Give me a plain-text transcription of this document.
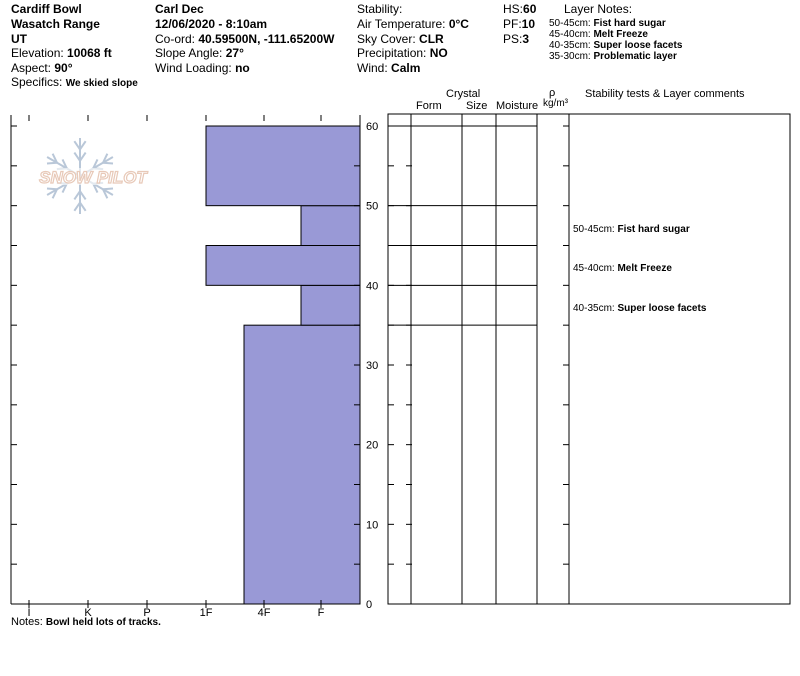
Cardiff Bowl
Wasatch Range
UT
Elevation: 10068 ft
Aspect: 90°
Specifics: We skied slope
Carl Dec
12/06/2020 - 8:10am
Co-ord: 40.59500N, -111.65200W
Slope Angle: 27°
Wind Loading: no
Stability:
Air Temperature: 0°C
Sky Cover: CLR
Precipitation: NO
Wind: Calm
HS:60
PF:10
PS:3
Layer Notes:
50-45cm: Fist hard sugar
45-40cm: Melt Freeze
40-35cm: Super loose facets
35-30cm: Problematic layer
Crystal
Form Size Moisture
ρ
kg/m³
Stability tests & Layer comments
0
10
20
30
40
50
60
I	K	P	1F	4F	F
SNOW PILOT
50-45cm: Fist hard sugar
45-40cm: Melt Freeze
40-35cm: Super loose facets
Notes: Bowl held lots of tracks.
